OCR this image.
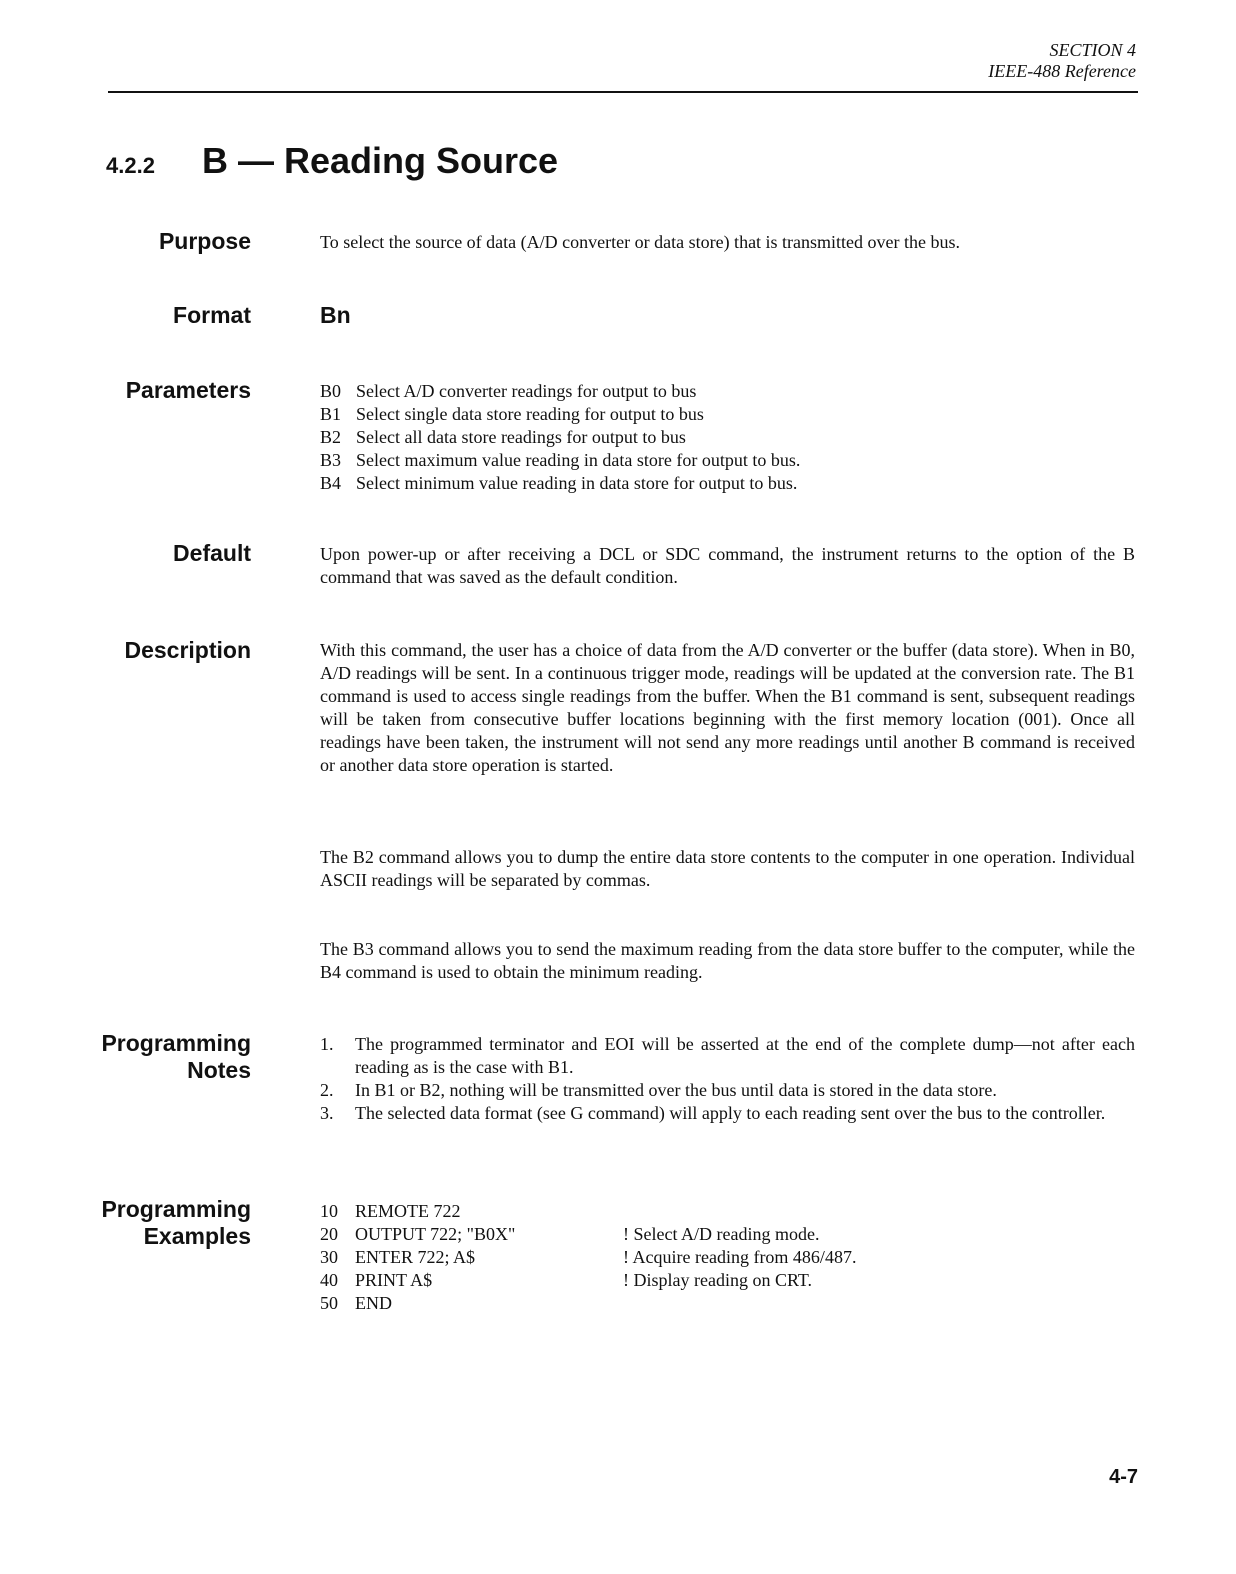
SECTION 4
IEEE-488 Reference
4.2.2 B — Reading Source
Purpose	To select the source of data (A/D converter or data store) that is transmitted over the bus.
Format	Bn
Parameters	B0 Select A/D converter readings for output to bus
B1 Select single data store reading for output to bus
B2 Select all data store readings for output to bus
B3 Select maximum value reading in data store for output to bus.
B4 Select minimum value reading in data store for output to bus.
Default	Upon power-up or after receiving a DCL or SDC command, the instrument returns to the option of the B command that was saved as the default condition.
Description	With this command, the user has a choice of data from the A/D converter or the buffer (data store). When in B0, A/D readings will be sent. In a continuous trigger mode, readings will be updated at the conversion rate. The B1 command is used to access single readings from the buffer. When the B1 command is sent, subsequent readings will be taken from consecutive buffer locations beginning with the first memory location (001). Once all readings have been taken, the instrument will not send any more readings until another B command is received or another data store operation is started.
The B2 command allows you to dump the entire data store contents to the computer in one operation. Individual ASCII readings will be separated by commas.
The B3 command allows you to send the maximum reading from the data store buffer to the computer, while the B4 command is used to obtain the minimum reading.
Programming
Notes
1.	The programmed terminator and EOI will be asserted at the end of the complete dump—not after each reading as is the case with B1.
2.	In B1 or B2, nothing will be transmitted over the bus until data is stored in the data store.
3.	The selected data format (see G command) will apply to each reading sent over the bus to the controller.
Programming
Examples
10 REMOTE 722
20 OUTPUT 722; "B0X"	! Select A/D reading mode.
30 ENTER 722; A$	! Acquire reading from 486/487.
40 PRINT A$	! Display reading on CRT.
50 END
4-7
